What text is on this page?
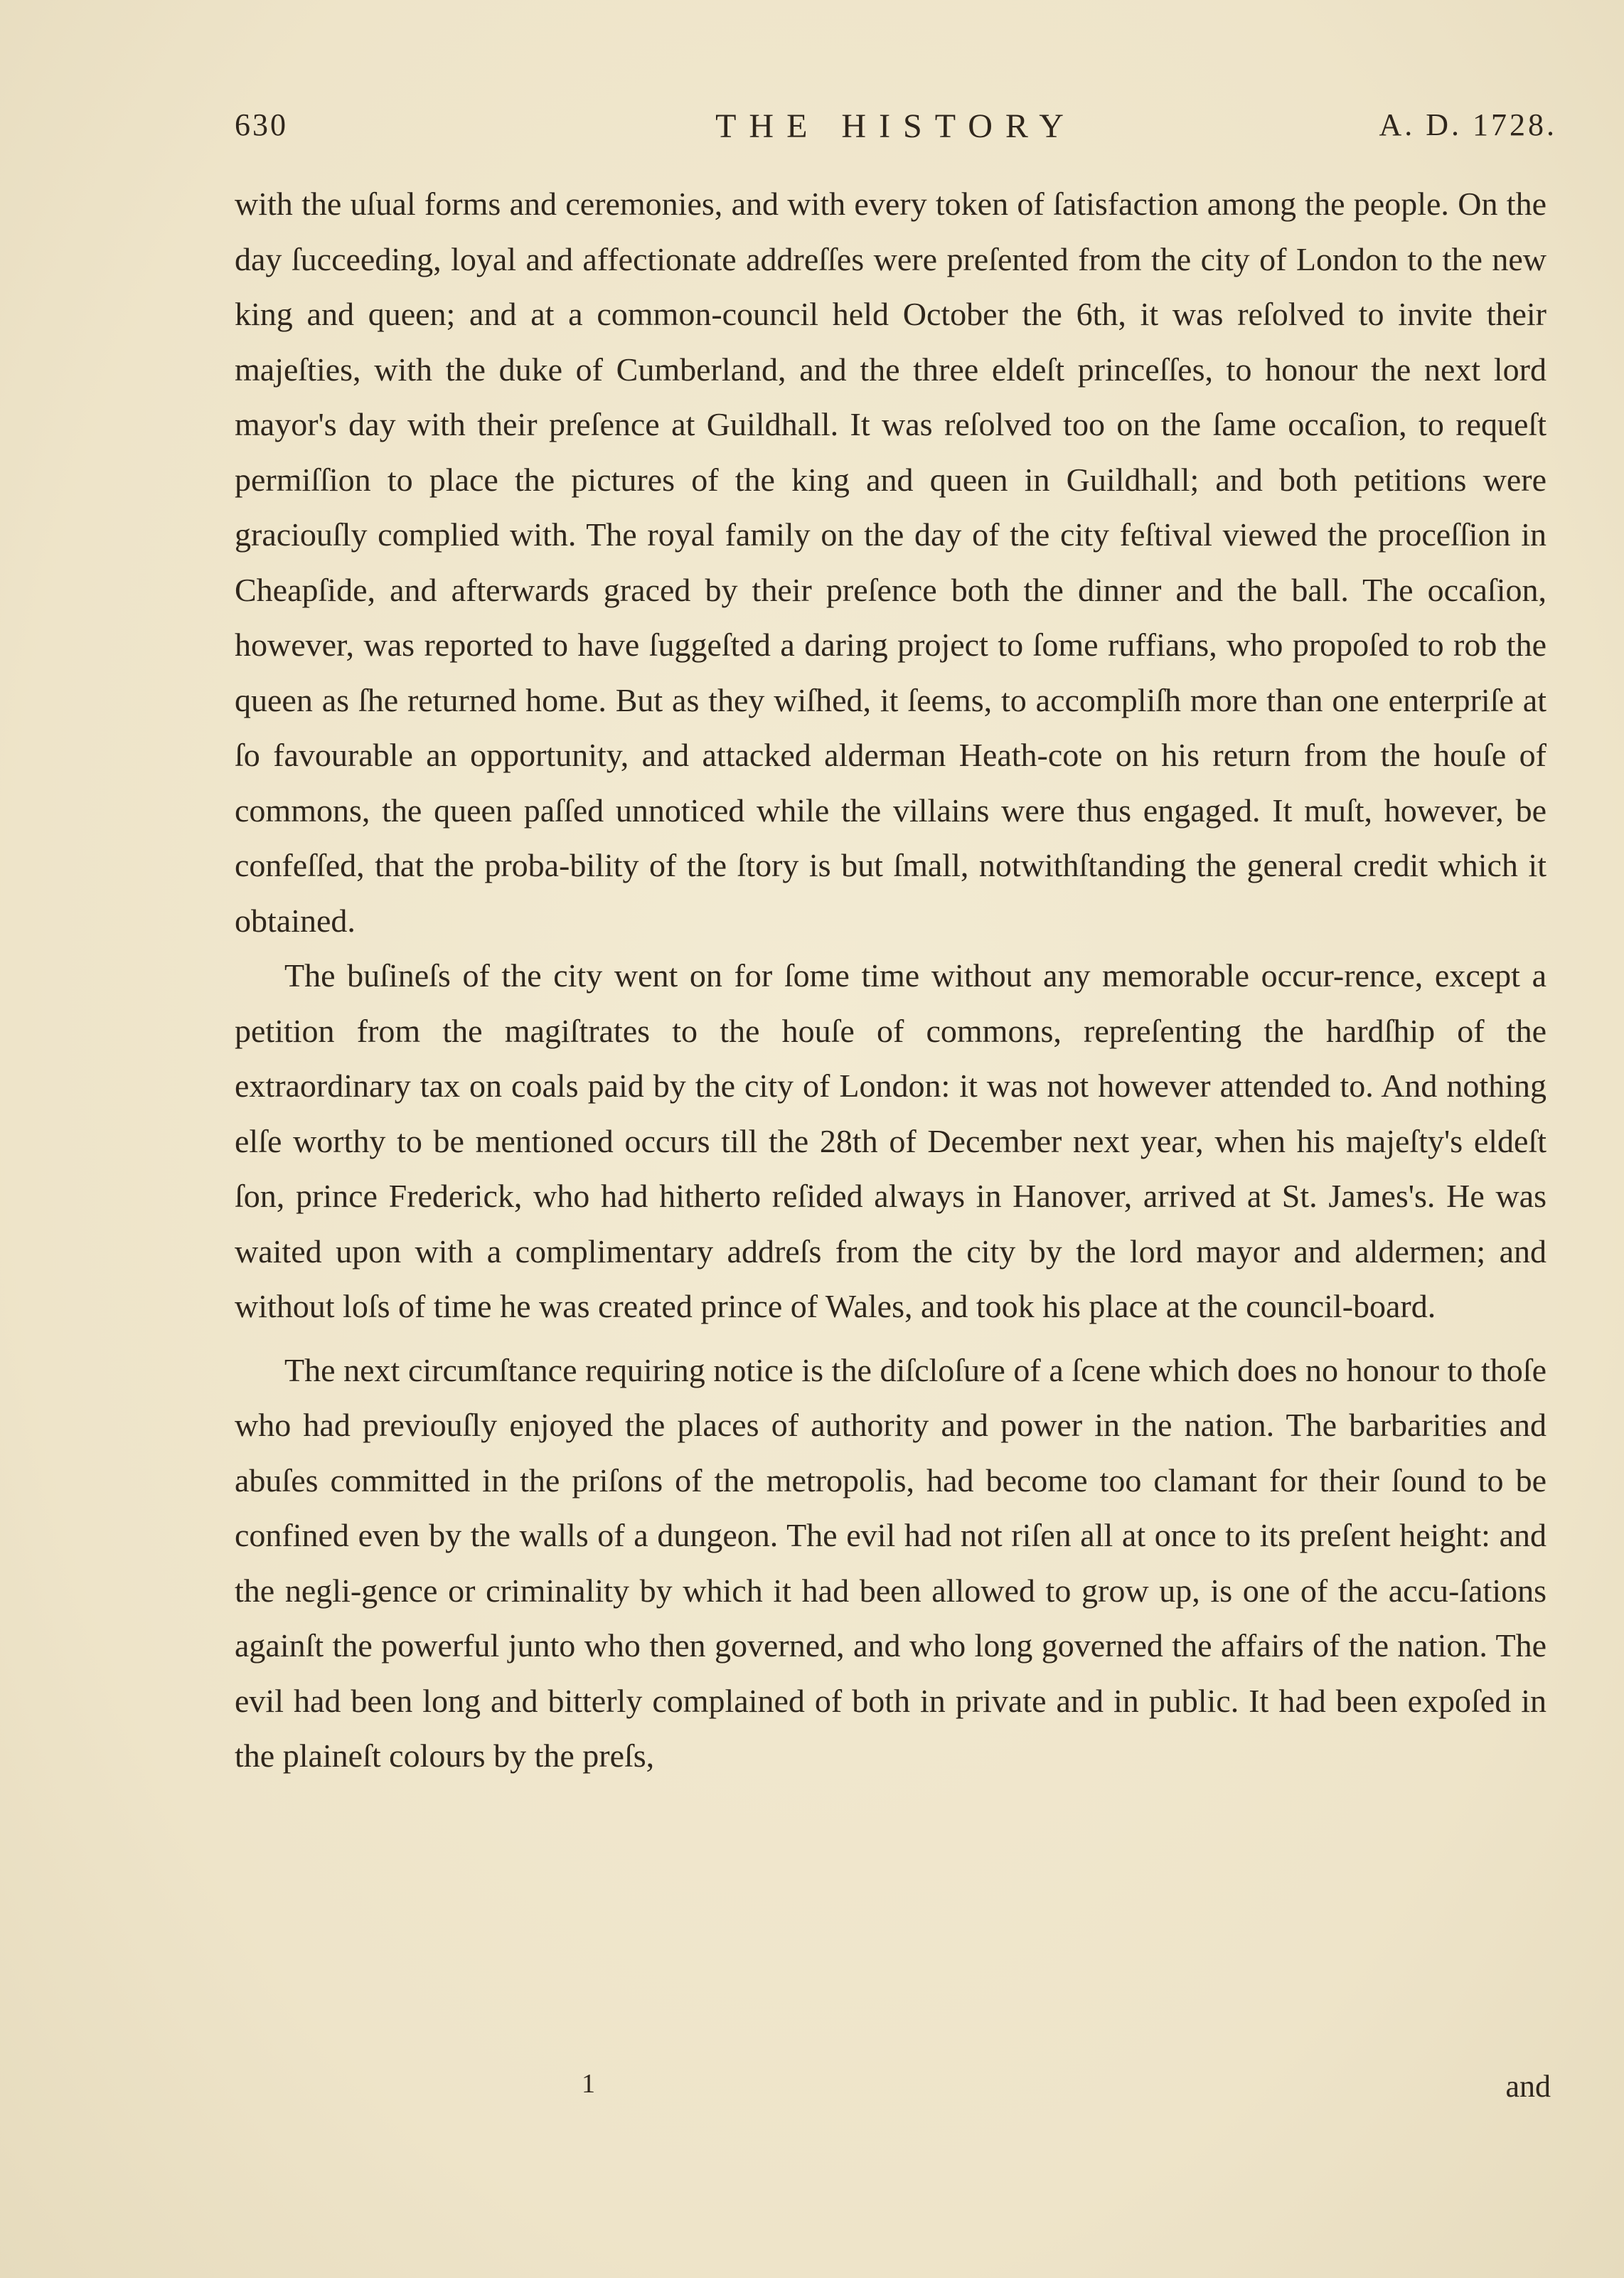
630	THE HISTORY	A. D. 1728.

with the uſual forms and ceremonies, and with every token of ſatisfaction among the people. On the day ſucceeding, loyal and affectionate addreſſes were preſented from the city of London to the new king and queen; and at a common-council held October the 6th, it was reſolved to invite their majeſties, with the duke of Cumberland, and the three eldeſt princeſſes, to honour the next lord mayor's day with their preſence at Guildhall. It was reſolved too on the ſame occaſion, to requeſt permiſſion to place the pictures of the king and queen in Guildhall; and both petitions were graciouſly complied with. The royal family on the day of the city feſtival viewed the proceſſion in Cheapſide, and afterwards graced by their preſence both the dinner and the ball. The occaſion, however, was reported to have ſuggeſted a daring project to ſome ruffians, who propoſed to rob the queen as ſhe returned home. But as they wiſhed, it ſeems, to accompliſh more than one enterpriſe at ſo favourable an opportunity, and attacked alderman Heath-cote on his return from the houſe of commons, the queen paſſed unnoticed while the villains were thus engaged. It muſt, however, be confeſſed, that the proba-bility of the ſtory is but ſmall, notwithſtanding the general credit which it obtained.

The buſineſs of the city went on for ſome time without any memorable occur-rence, except a petition from the magiſtrates to the houſe of commons, repreſenting the hardſhip of the extraordinary tax on coals paid by the city of London: it was not however attended to. And nothing elſe worthy to be mentioned occurs till the 28th of December next year, when his majeſty's eldeſt ſon, prince Frederick, who had hitherto reſided always in Hanover, arrived at St. James's. He was waited upon with a complimentary addreſs from the city by the lord mayor and aldermen; and without loſs of time he was created prince of Wales, and took his place at the council-board.

The next circumſtance requiring notice is the diſcloſure of a ſcene which does no honour to thoſe who had previouſly enjoyed the places of authority and power in the nation. The barbarities and abuſes committed in the priſons of the metropolis, had become too clamant for their ſound to be confined even by the walls of a dungeon. The evil had not riſen all at once to its preſent height: and the negli-gence or criminality by which it had been allowed to grow up, is one of the accu-ſations againſt the powerful junto who then governed, and who long governed the affairs of the nation. The evil had been long and bitterly complained of both in private and in public. It had been expoſed in the plaineſt colours by the preſs,

1	and
